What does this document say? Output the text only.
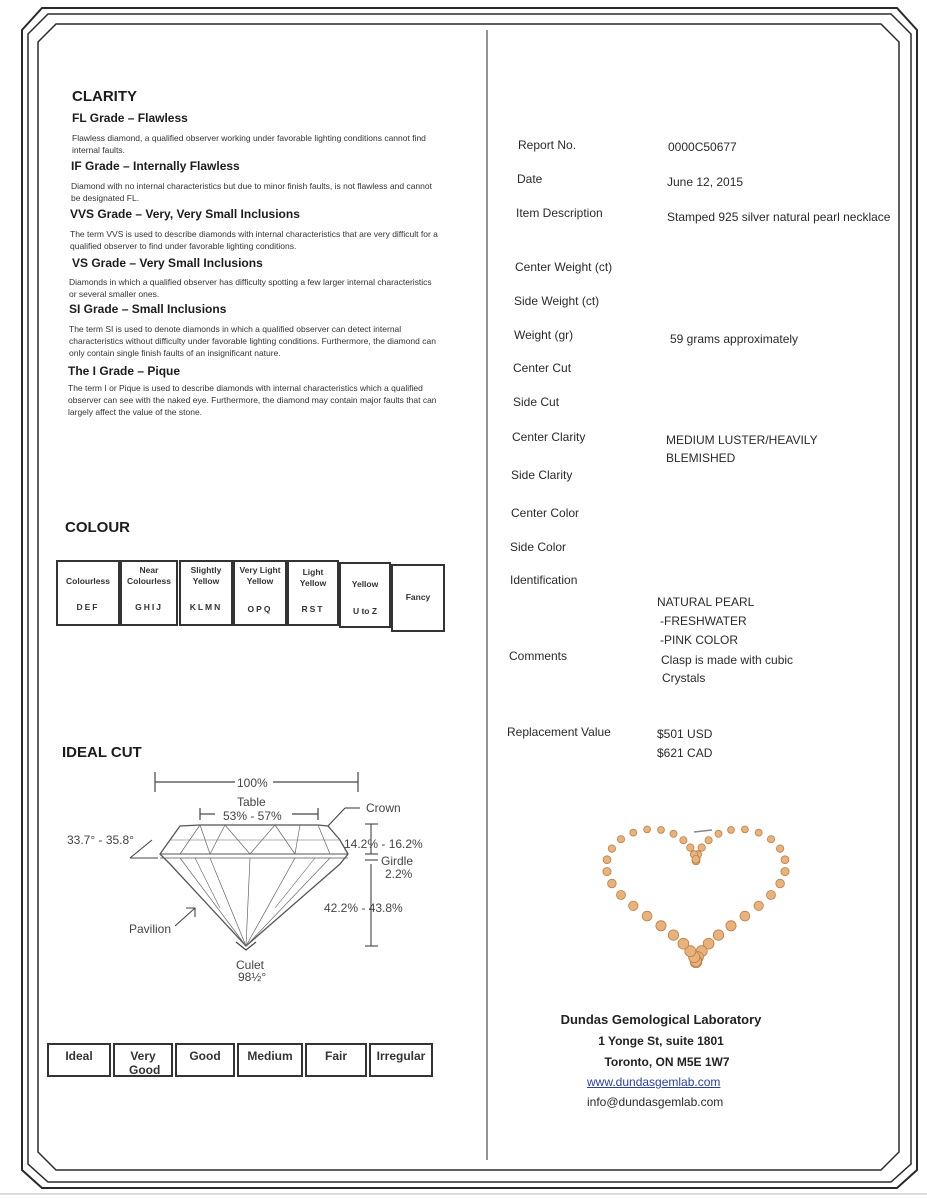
CLARITY
FL Grade – Flawless
Flawless diamond, a qualified observer working under favorable lighting conditions cannot find internal faults.
IF Grade – Internally Flawless
Diamond with no internal characteristics but due to minor finish faults, is not flawless and cannot be designated FL.
VVS Grade – Very, Very Small Inclusions
The term VVS is used to describe diamonds with internal characteristics that are very difficult for a qualified observer to find under favorable lighting conditions.
VS Grade – Very Small Inclusions
Diamonds in which a qualified observer has difficulty spotting a few larger internal characteristics or several smaller ones.
SI Grade – Small Inclusions
The term SI is used to denote diamonds in which a qualified observer can detect internal characteristics without difficulty under favorable lighting conditions. Furthermore, the diamond can only contain single finish faults of an insignificant nature.
The I Grade – Pique
The term I or Pique is used to describe diamonds with internal characteristics which a qualified observer can see with the naked eye. Furthermore, the diamond may contain major faults that can largely affect the value of the stone.
COLOUR
Colourless
DEF
Near Colourless
GHIJ
Slightly Yellow
KLMN
Very Light Yellow
OPQ
Light Yellow
RST
Yellow
U to Z
Fancy
IDEAL CUT
100%
Table
53% - 57%
Crown
33.7° - 35.8°	14.2% - 16.2%
Girdle
2.2%
42.2% - 43.8%
Pavilion
Culet
98½°
Ideal	Very Good
Good	Medium	Fair	Irregular
Report No.	0000C50677
Date	June 12, 2015
Item Description	Stamped 925 silver natural pearl necklace
Center Weight (ct)
Side Weight (ct)
Weight (gr)	59 grams approximately
Center Cut
Side Cut
Center Clarity	MEDIUM LUSTER/HEAVILY
BLEMISHED
Side Clarity
Center Color
Side Color
Identification
NATURAL PEARL
-FRESHWATER
-PINK COLOR
Comments	Clasp is made with cubic
Crystals
Replacement Value	$501 USD
$621 CAD
Dundas Gemological Laboratory
1 Yonge St, suite 1801
Toronto, ON M5E 1W7
www.dundasgemlab.com
info@dundasgemlab.com
